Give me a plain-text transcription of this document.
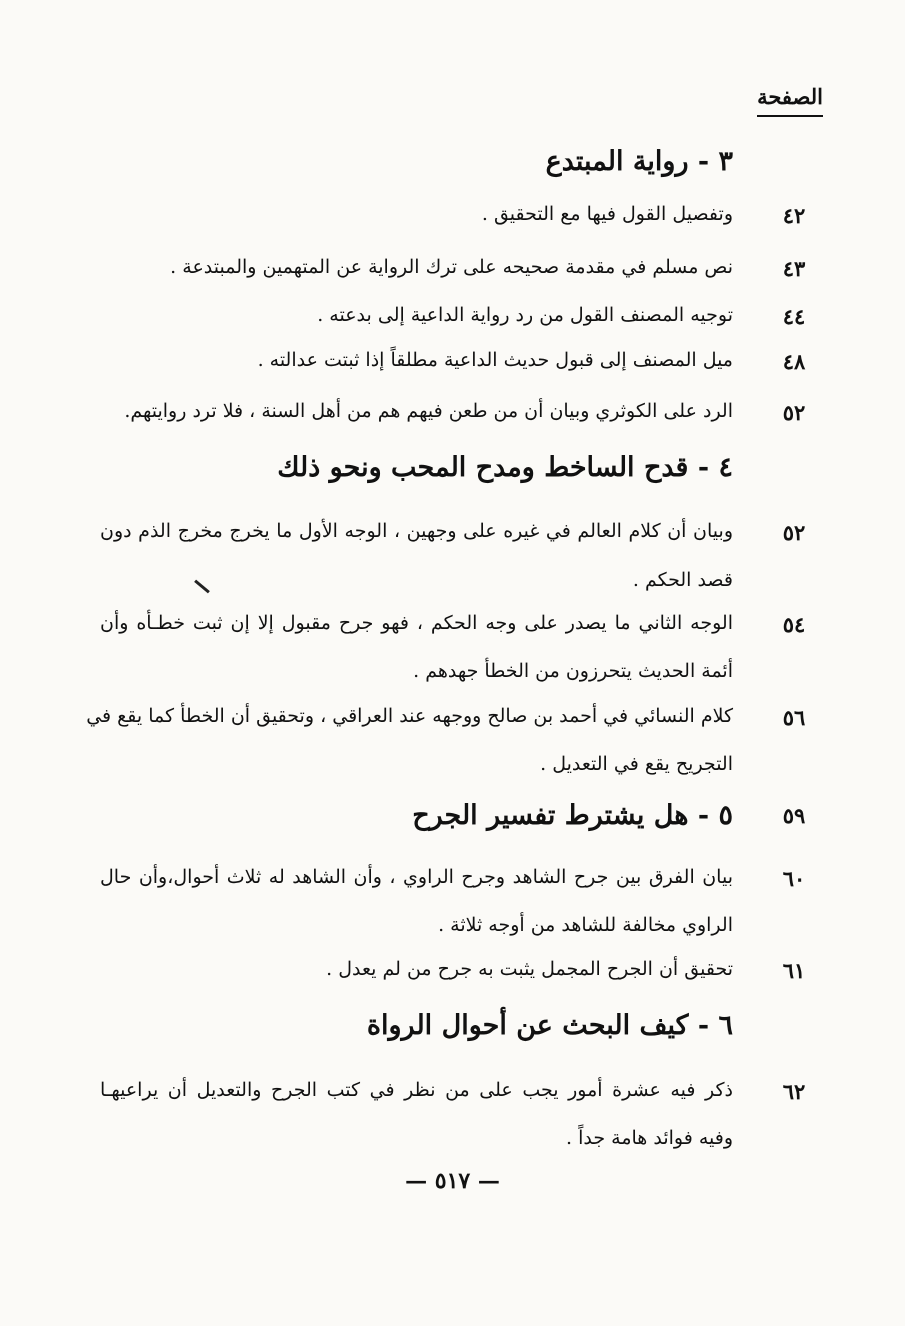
الصفحة
٣ - رواية المبتدع
٤٢
وتفصيل القول فيها مع التحقيق .
٤٣
نص مسلم في مقدمة صحيحه على ترك الرواية عن المتهمين والمبتدعة .
٤٤
توجيه المصنف القول من رد رواية الداعية إلى بدعته .
٤٨
ميل المصنف إلى قبول حديث الداعية مطلقاً إذا ثبتت عدالته .
٥٢
الرد على الكوثري وبيان أن من طعن فيهم هم من أهل السنة ، فلا ترد روايتهم.
٤ - قدح الساخط ومدح المحب ونحو ذلك
٥٢
وبيان أن كلام العالم في غيره على وجهين ، الوجه الأول ما يخرج مخرج الذم دون
قصد الحكم .
٥٤
الوجه الثاني ما يصدر على وجه الحكم ، فهو جرح مقبول إلا إن ثبت خطـأه وأن
أئمة الحديث يتحرزون من الخطأ جهدهم .
٥٦
كلام النسائي في أحمد بن صالح ووجهه عند العراقي ، وتحقيق أن الخطأ كما يقع في
التجريح يقع في التعديل .
٥٩
٥ - هل يشترط تفسير الجرح
٦٠
بيان الفرق بين جرح الشاهد وجرح الراوي ، وأن الشاهد له ثلاث أحوال،وأن حال
الراوي مخالفة للشاهد من أوجه ثلاثة .
٦١
تحقيق أن الجرح المجمل يثبت به جرح من لم يعدل .
٦ - كيف البحث عن أحوال الرواة
٦٢
ذكر فيه عشرة أمور يجب على من نظر في كتب الجرح والتعديل أن يراعيهـا
وفيه فوائد هامة جداً .
— ٥١٧ —
